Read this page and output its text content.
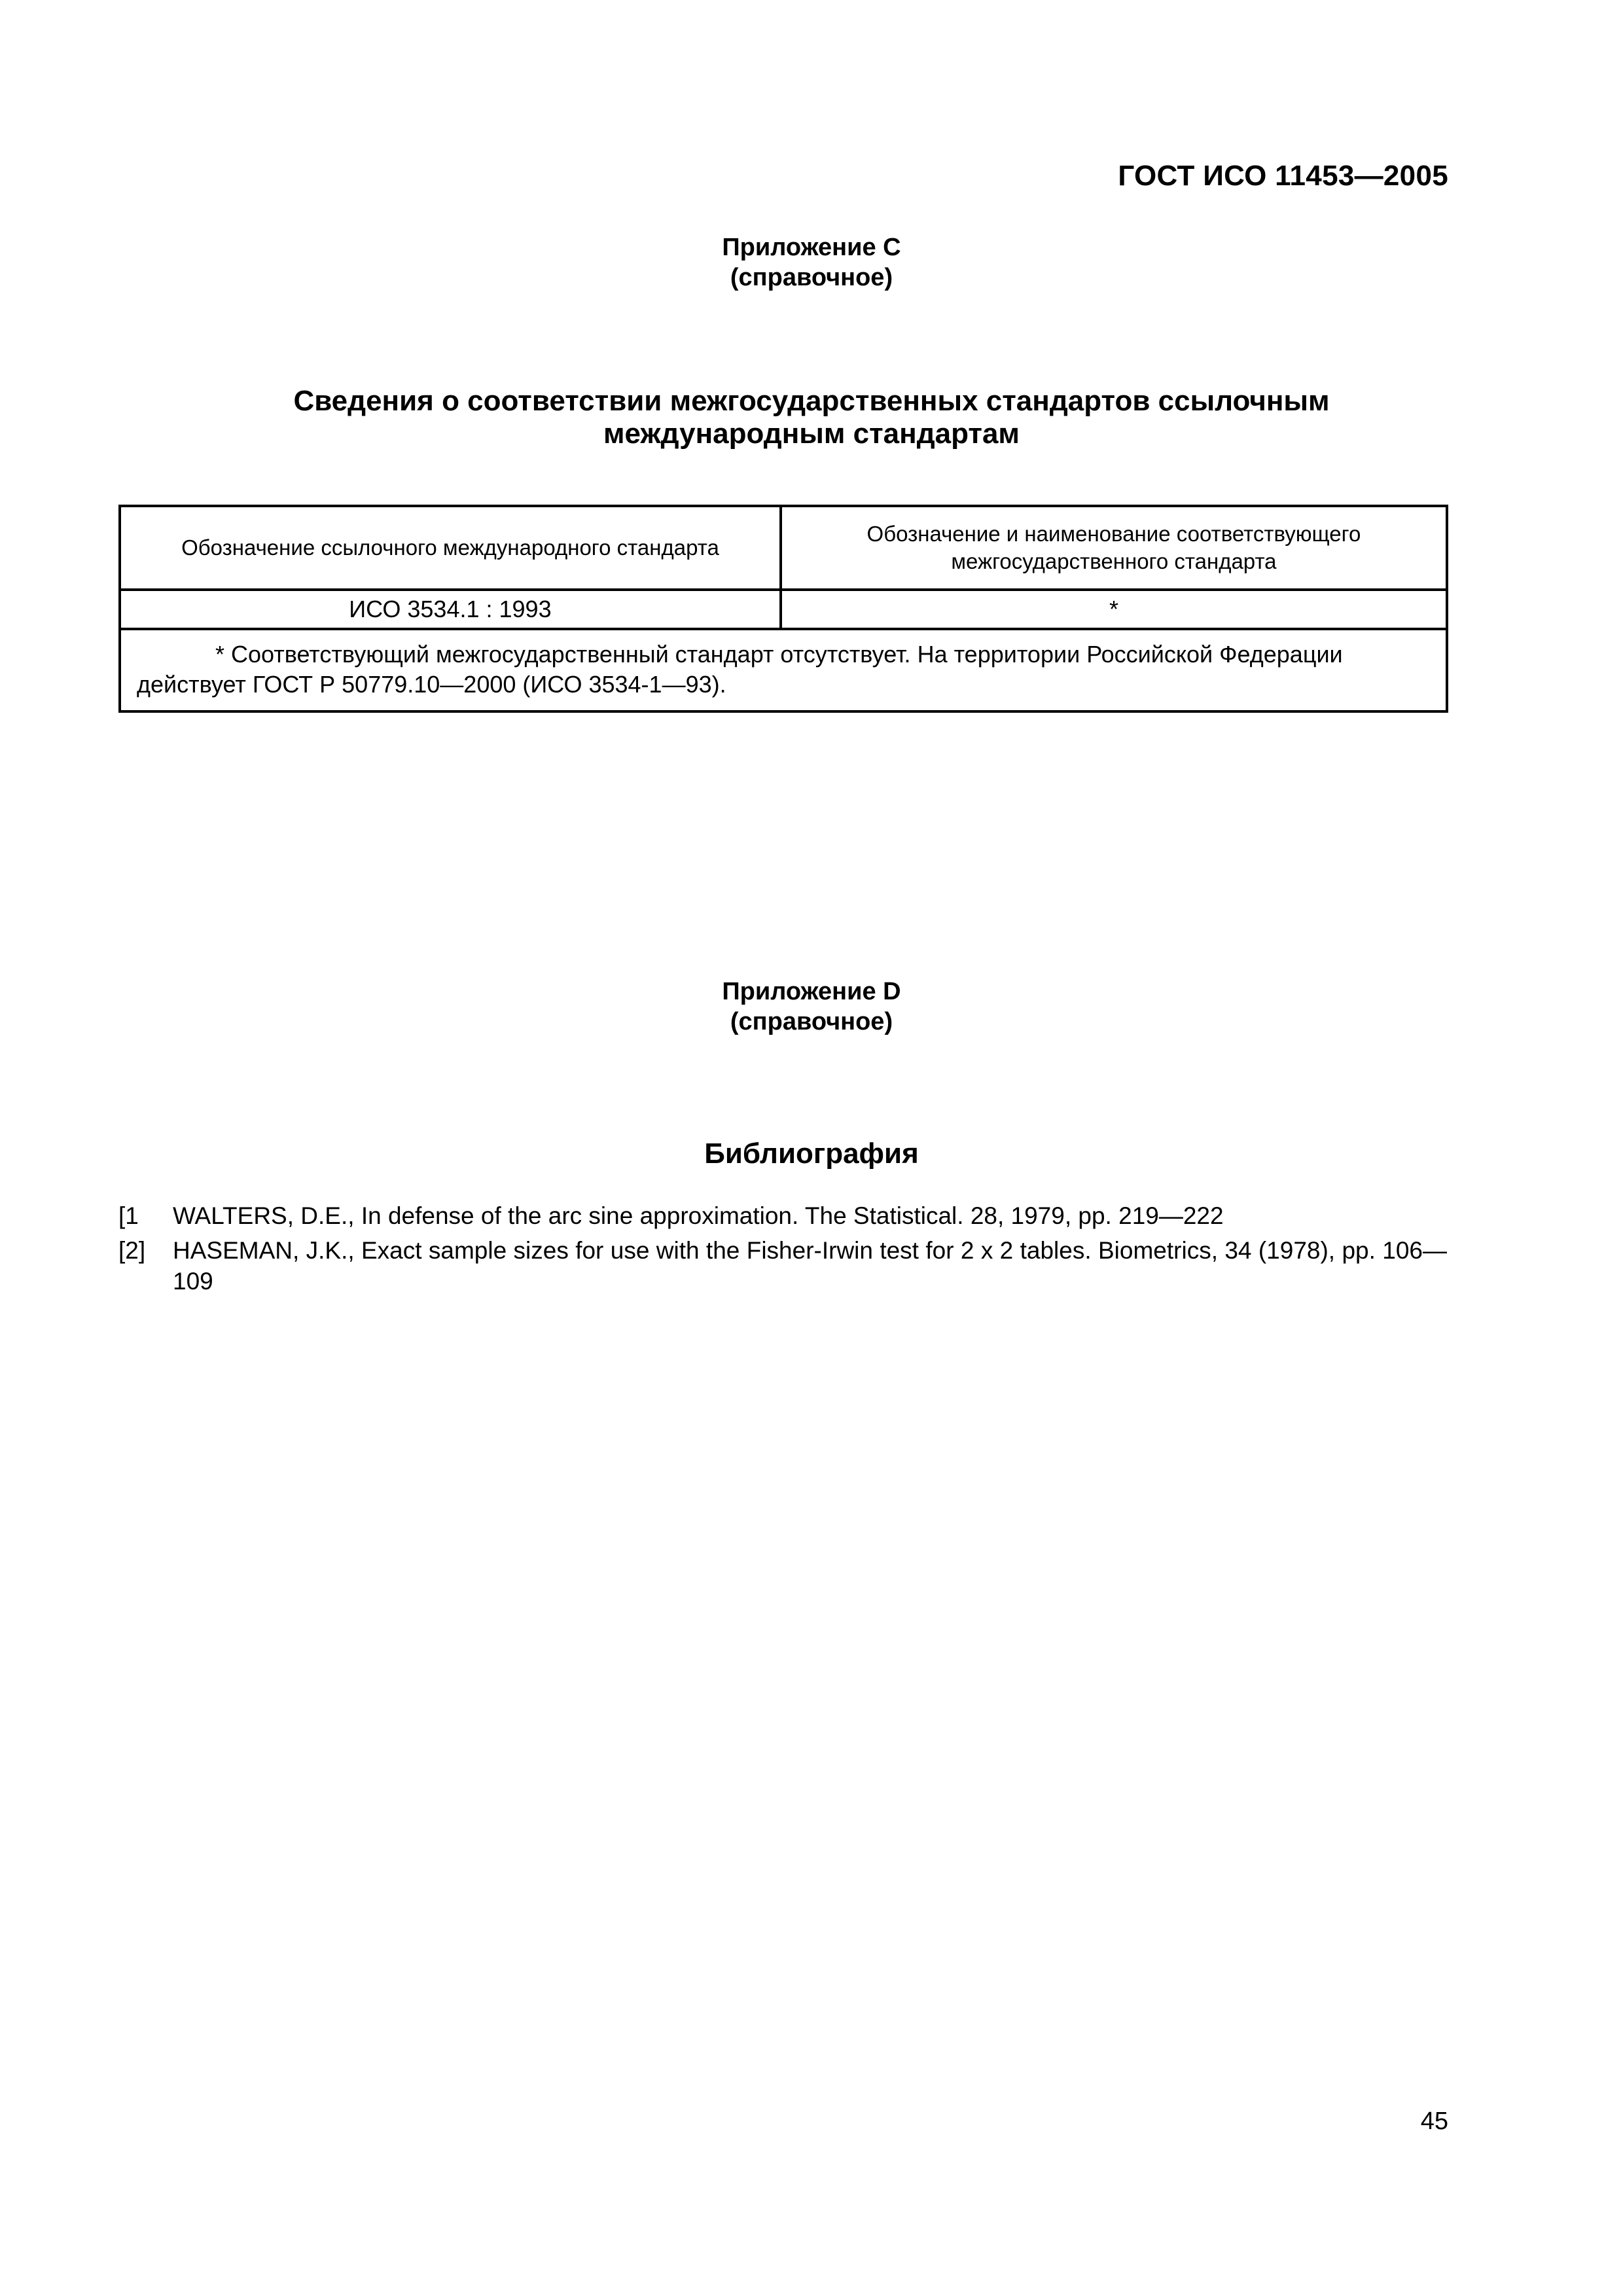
ГОСТ ИСО 11453—2005
Приложение С
(справочное)
Сведения о соответствии межгосударственных стандартов ссылочным
международным стандартам
Обозначение ссылочного международного стандарта	Обозначение и наименование соответствующего межгосударственного стандарта
ИСО 3534.1 : 1993	*

* Соответствующий межгосударственный стандарт отсутствует. На территории Российской Федерации
действует ГОСТ Р 50779.10—2000 (ИСО 3534-1—93).	
Приложение D
(справочное)
Библиография
[1 WALTERS, D.E., In defense of the arc sine approximation. The Statistical. 28, 1979, pp. 219—222
[2] HASEMAN, J.K., Exact sample sizes for use with the Fisher-Irwin test for 2 x 2 tables. Biometrics, 34 (1978), pp. 106—109
45
